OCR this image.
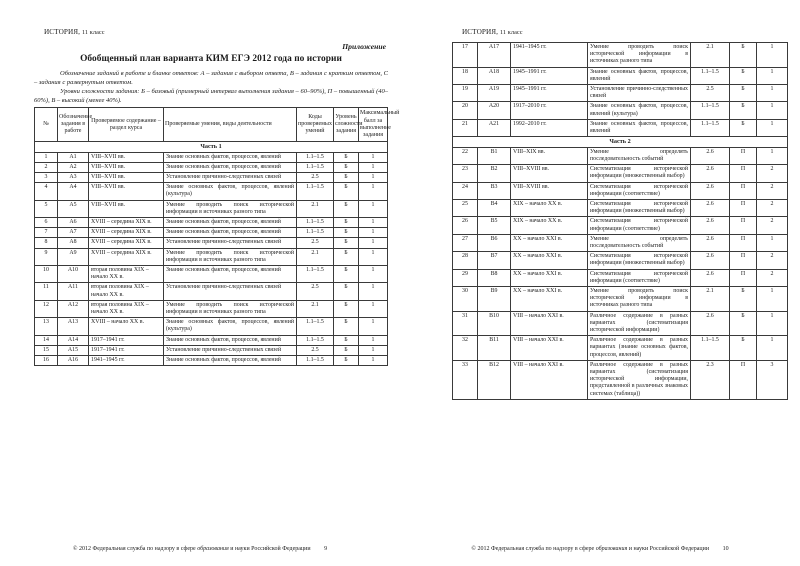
ИСТОРИЯ, 11 класс
Приложение
Обобщенный план варианта КИМ ЕГЭ 2012 года по истории

Обозначение заданий в работе и бланке ответов: А – задания с выбором ответа, В – задания с кратким ответом, С – задания с развернутым ответом.

Уровни сложности задания: Б – базовый (примерный интервал выполнения задания – 60–90%), П – повышенный (40–60%), В – высокий (менее 40%).

№	Обозначение задания в работе	Проверяемое содержание – раздел курса	Проверяемые умения, виды деятельности	Коды проверяемых умений	Уровень сложности задания	Максимальный балл за выполнение задания
Часть 1						
1	А1	VIII–XVII вв.	Знание основных фактов, процессов, явлений	1.1–1.5	Б	1
2	А2	VIII–XVII вв.	Знание основных фактов, процессов, явлений	1.1–1.5	Б	1
3	А3	VIII–XVII вв.	Установление причинно-следственных связей	2.5	Б	1
4	А4	VIII–XVII вв.	Знание основных фактов, процессов, явлений (культура)	1.1–1.5	Б	1
5	А5	VIII–XVII вв.	Умение проводить поиск исторической информации в источниках разного типа	2.1	Б	1
6	А6	XVIII – середина XIX в.	Знание основных фактов, процессов, явлений	1.1–1.5	Б	1
7	А7	XVIII – середина XIX в.	Знание основных фактов, процессов, явлений	1.1–1.5	Б	1
8	А8	XVIII – середина XIX в.	Установление причинно-следственных связей	2.5	Б	1
9	А9	XVIII – середина XIX в.	Умение проводить поиск исторической информации в источниках разного типа	2.1	Б	1
10	А10	вторая половина XIX – начало XX в.	Знание основных фактов, процессов, явлений	1.1–1.5	Б	1
11	А11	вторая половина XIX – начало XX в.	Установление причинно-следственных связей	2.5	Б	1
12	А12	вторая половина XIX – начало XX в.	Умение проводить поиск исторической информации в источниках разного типа	2.1	Б	1
13	А13	XVIII – начало XX в.	Знание основных фактов, процессов, явлений (культура)	1.1–1.5	Б	1
14	А14	1917–1941 гг.	Знание основных фактов, процессов, явлений	1.1–1.5	Б	1
15	А15	1917–1941 гг.	Установление причинно-следственных связей	2.5	Б	1
16	А16	1941–1945 гг.	Знание основных фактов, процессов, явлений	1.1–1.5	Б	1
© 2012 Федеральная служба по надзору в сфере образования и науки Российской Федерации 9
ИСТОРИЯ, 11 класс
17	А17	1941–1945 гг.	Умение проводить поиск исторической информации в источниках разного типа	2.1	Б	1
18	А18	1945–1991 гг.	Знание основных фактов, процессов, явлений	1.1–1.5	Б	1
19	А19	1945–1991 гг.	Установление причинно-следственных связей	2.5	Б	1
20	А20	1917–2010 гг.	Знание основных фактов, процессов, явлений (культура)	1.1–1.5	Б	1
21	А21	1992–2010 гг.	Знание основных фактов, процессов, явлений	1.1–1.5	Б	1
Часть 2						
22	В1	VIII–XIX вв.	Умение определять последовательность событий	2.6	П	1
23	В2	VIII–XVIII вв.	Систематизация исторической информации (множественный выбор)	2.6	П	2
24	В3	VIII–XVIII вв.	Систематизация исторической информации (соответствие)	2.6	П	2
25	В4	XIX – начало XX в.	Систематизация исторической информации (множественный выбор)	2.6	П	2
26	В5	XIX – начало XX в.	Систематизация исторической информации (соответствие)	2.6	П	2
27	В6	XX – начало XXI в.	Умение определять последовательность событий	2.6	П	1
28	В7	XX – начало XXI в.	Систематизация исторической информации (множественный выбор)	2.6	П	2
29	В8	XX – начало XXI в.	Систематизация исторической информации (соответствие)	2.6	П	2
30	В9	XX – начало XXI в.	Умение проводить поиск исторической информации в источниках разного типа	2.1	Б	1
31	В10	VIII – начало XXI в.	Различное содержание в разных вариантах (систематизация исторической информации)	2.6	Б	1
32	В11	VIII – начало XXI в.	Различное содержание в разных вариантах (знание основных фактов, процессов, явлений)	1.1–1.5	Б	1
33	В12	VIII – начало XXI в.	Различное содержание в разных вариантах (систематизация исторической информации, представленной в различных знаковых системах (таблица))	2.3	П	3
© 2012 Федеральная служба по надзору в сфере образования и науки Российской Федерации 10
